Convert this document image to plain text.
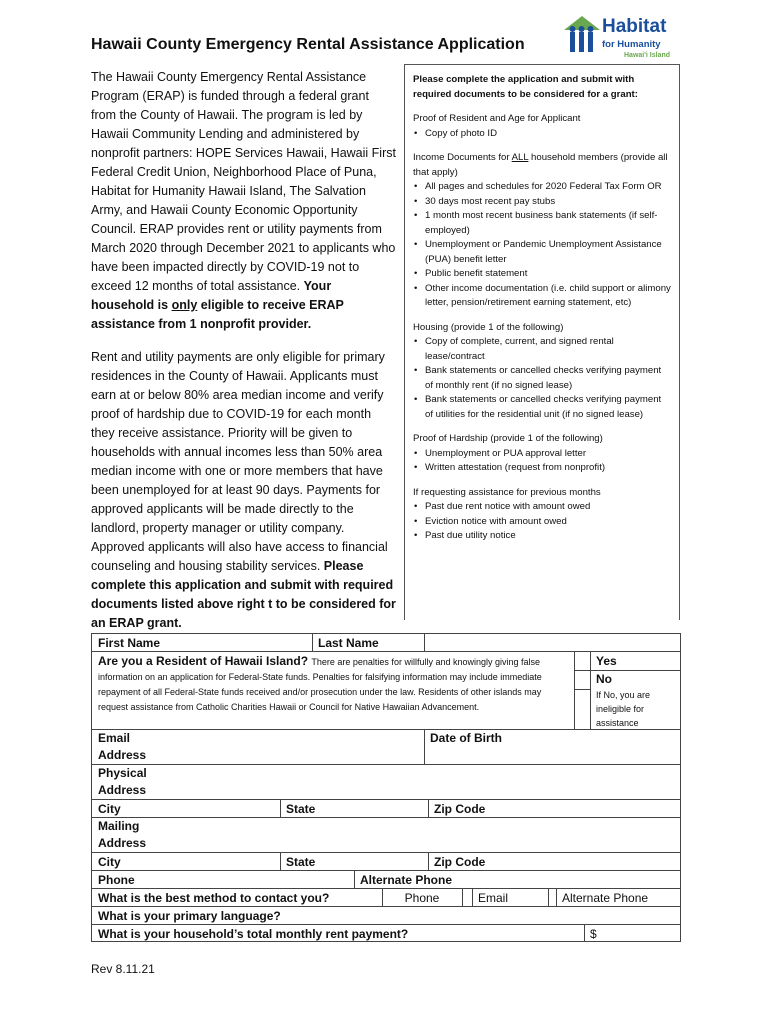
Hawaii County Emergency Rental Assistance Application
Habitat
for Humanity
Hawai'i Island

The Hawaii County Emergency Rental Assistance Program (ERAP) is funded through a federal grant from the County of Hawaii. The program is led by Hawaii Community Lending and administered by nonprofit partners: HOPE Services Hawaii, Hawaii First Federal Credit Union, Neighborhood Place of Puna, Habitat for Humanity Hawaii Island, The Salvation Army, and Hawaii County Economic Opportunity Council. ERAP provides rent or utility payments from March 2020 through December 2021 to applicants who have been impacted directly by COVID-19 not to exceed 12 months of total assistance. Your household is only eligible to receive ERAP assistance from 1 nonprofit provider.

Rent and utility payments are only eligible for primary residences in the County of Hawaii. Applicants must earn at or below 80% area median income and verify proof of hardship due to COVID-19 for each month they receive assistance. Priority will be given to households with annual incomes less than 50% area median income with one or more members that have been unemployed for at least 90 days. Payments for approved applicants will be made directly to the landlord, property manager or utility company. Approved applicants will also have access to financial counseling and housing stability services. Please complete this application and submit with required documents listed above right t to be considered for an ERAP grant.

Please complete the application and submit with required documents to be considered for a grant:
Proof of Resident and Age for Applicant
• Copy of photo ID
Income Documents for ALL household members (provide all that apply)
• All pages and schedules for 2020 Federal Tax Form OR
• 30 days most recent pay stubs
• 1 month most recent business bank statements (if self-employed)
• Unemployment or Pandemic Unemployment Assistance (PUA) benefit letter
• Public benefit statement
• Other income documentation (i.e. child support or alimony letter, pension/retirement earning statement, etc)
Housing (provide 1 of the following)
• Copy of complete, current, and signed rental lease/contract
• Bank statements or cancelled checks verifying payment of monthly rent (if no signed lease)
• Bank statements or cancelled checks verifying payment of utilities for the residential unit (if no signed lease)
Proof of Hardship (provide 1 of the following)
• Unemployment or PUA approval letter
• Written attestation (request from nonprofit)
If requesting assistance for previous months
• Past due rent notice with amount owed
• Eviction notice with amount owed
• Past due utility notice
First Name	Last Name
Are you a Resident of Hawaii Island? There are penalties for willfully and knowingly giving false information on an application for Federal-State funds. Penalties for falsifying information may include immediate repayment of all Federal-State funds received and/or prosecution under the law. Residents of other islands may request assistance from Catholic Charities Hawaii or Council for Native Hawaiian Advancement.
Yes
No
If No, you are ineligible for assistance
Email Address
Date of Birth
Physical Address
City	State	Zip Code
Mailing Address
City	State	Zip Code
Phone	Alternate Phone
What is the best method to contact you?	Phone	Email	Alternate Phone
What is your primary language?
What is your household’s total monthly rent payment?	$
Rev 8.11.21
